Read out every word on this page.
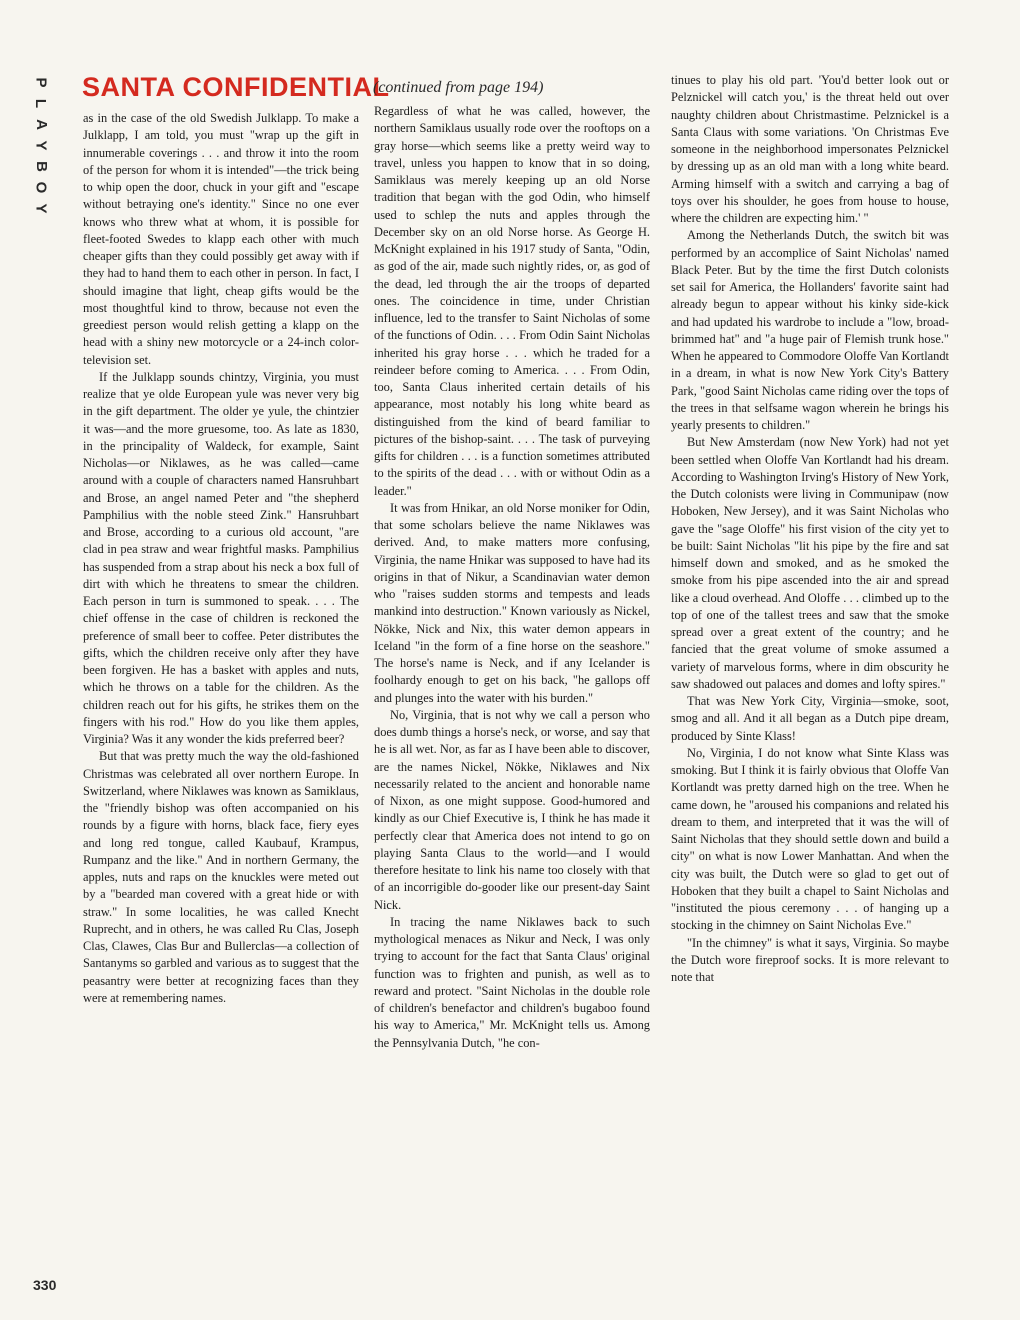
P
L
A
Y
B
O
Y
SANTA CONFIDENTIAL
(continued from page 194)

as in the case of the old Swedish Julklapp. To make a Julklapp, I am told, you must "wrap up the gift in innumerable coverings . . . and throw it into the room of the person for whom it is intended"—the trick being to whip open the door, chuck in your gift and "escape without betraying one's identity." Since no one ever knows who threw what at whom, it is possible for fleet-footed Swedes to klapp each other with much cheaper gifts than they could possibly get away with if they had to hand them to each other in person. In fact, I should imagine that light, cheap gifts would be the most thoughtful kind to throw, because not even the greediest person would relish getting a klapp on the head with a shiny new motorcycle or a 24-inch color-television set.

If the Julklapp sounds chintzy, Virginia, you must realize that ye olde European yule was never very big in the gift department. The older ye yule, the chintzier it was—and the more gruesome, too. As late as 1830, in the principality of Waldeck, for example, Saint Nicholas—or Niklawes, as he was called—came around with a couple of characters named Hansruhbart and Brose, an angel named Peter and "the shepherd Pamphilius with the noble steed Zink." Hansruhbart and Brose, according to a curious old account, "are clad in pea straw and wear frightful masks. Pamphilius has suspended from a strap about his neck a box full of dirt with which he threatens to smear the children. Each person in turn is summoned to speak. . . . The chief offense in the case of children is reckoned the preference of small beer to coffee. Peter distributes the gifts, which the children receive only after they have been forgiven. He has a basket with apples and nuts, which he throws on a table for the children. As the children reach out for his gifts, he strikes them on the fingers with his rod." How do you like them apples, Virginia? Was it any wonder the kids preferred beer?

But that was pretty much the way the old-fashioned Christmas was celebrated all over northern Europe. In Switzerland, where Niklawes was known as Samiklaus, the "friendly bishop was often accompanied on his rounds by a figure with horns, black face, fiery eyes and long red tongue, called Kaubauf, Krampus, Rumpanz and the like." And in northern Germany, the apples, nuts and raps on the knuckles were meted out by a "bearded man covered with a great hide or with straw." In some localities, he was called Knecht Ruprecht, and in others, he was called Ru Clas, Joseph Clas, Clawes, Clas Bur and Bullerclas—a collection of Santanyms so garbled and various as to suggest that the peasantry were better at recognizing faces than they were at remembering names.

Regardless of what he was called, however, the northern Samiklaus usually rode over the rooftops on a gray horse—which seems like a pretty weird way to travel, unless you happen to know that in so doing, Samiklaus was merely keeping up an old Norse tradition that began with the god Odin, who himself used to schlep the nuts and apples through the December sky on an old Norse horse. As George H. McKnight explained in his 1917 study of Santa, "Odin, as god of the air, made such nightly rides, or, as god of the dead, led through the air the troops of departed ones. The coincidence in time, under Christian influence, led to the transfer to Saint Nicholas of some of the functions of Odin. . . . From Odin Saint Nicholas inherited his gray horse . . . which he traded for a reindeer before coming to America. . . . From Odin, too, Santa Claus inherited certain details of his appearance, most notably his long white beard as distinguished from the kind of beard familiar to pictures of the bishop-saint. . . . The task of purveying gifts for children . . . is a function sometimes attributed to the spirits of the dead . . . with or without Odin as a leader."

It was from Hnikar, an old Norse moniker for Odin, that some scholars believe the name Niklawes was derived. And, to make matters more confusing, Virginia, the name Hnikar was supposed to have had its origins in that of Nikur, a Scandinavian water demon who "raises sudden storms and tempests and leads mankind into destruction." Known variously as Nickel, Nökke, Nick and Nix, this water demon appears in Iceland "in the form of a fine horse on the seashore." The horse's name is Neck, and if any Icelander is foolhardy enough to get on his back, "he gallops off and plunges into the water with his burden."

No, Virginia, that is not why we call a person who does dumb things a horse's neck, or worse, and say that he is all wet. Nor, as far as I have been able to discover, are the names Nickel, Nökke, Niklawes and Nix necessarily related to the ancient and honorable name of Nixon, as one might suppose. Good-humored and kindly as our Chief Executive is, I think he has made it perfectly clear that America does not intend to go on playing Santa Claus to the world—and I would therefore hesitate to link his name too closely with that of an incorrigible do-gooder like our present-day Saint Nick.

In tracing the name Niklawes back to such mythological menaces as Nikur and Neck, I was only trying to account for the fact that Santa Claus' original function was to frighten and punish, as well as to reward and protect. "Saint Nicholas in the double role of children's benefactor and children's bugaboo found his way to America," Mr. McKnight tells us. Among the Pennsylvania Dutch, "he con-

tinues to play his old part. 'You'd better look out or Pelznickel will catch you,' is the threat held out over naughty children about Christmastime. Pelznickel is a Santa Claus with some variations. 'On Christmas Eve someone in the neighborhood impersonates Pelznickel by dressing up as an old man with a long white beard. Arming himself with a switch and carrying a bag of toys over his shoulder, he goes from house to house, where the children are expecting him.' "

Among the Netherlands Dutch, the switch bit was performed by an accomplice of Saint Nicholas' named Black Peter. But by the time the first Dutch colonists set sail for America, the Hollanders' favorite saint had already begun to appear without his kinky side-kick and had updated his wardrobe to include a "low, broad-brimmed hat" and "a huge pair of Flemish trunk hose." When he appeared to Commodore Oloffe Van Kortlandt in a dream, in what is now New York City's Battery Park, "good Saint Nicholas came riding over the tops of the trees in that selfsame wagon wherein he brings his yearly presents to children."

But New Amsterdam (now New York) had not yet been settled when Oloffe Van Kortlandt had his dream. According to Washington Irving's History of New York, the Dutch colonists were living in Communipaw (now Hoboken, New Jersey), and it was Saint Nicholas who gave the "sage Oloffe" his first vision of the city yet to be built: Saint Nicholas "lit his pipe by the fire and sat himself down and smoked, and as he smoked the smoke from his pipe ascended into the air and spread like a cloud overhead. And Oloffe . . . climbed up to the top of one of the tallest trees and saw that the smoke spread over a great extent of the country; and he fancied that the great volume of smoke assumed a variety of marvelous forms, where in dim obscurity he saw shadowed out palaces and domes and lofty spires."

That was New York City, Virginia—smoke, soot, smog and all. And it all began as a Dutch pipe dream, produced by Sinte Klass!

No, Virginia, I do not know what Sinte Klass was smoking. But I think it is fairly obvious that Oloffe Van Kortlandt was pretty darned high on the tree. When he came down, he "aroused his companions and related his dream to them, and interpreted that it was the will of Saint Nicholas that they should settle down and build a city" on what is now Lower Manhattan. And when the city was built, the Dutch were so glad to get out of Hoboken that they built a chapel to Saint Nicholas and "instituted the pious ceremony . . . of hanging up a stocking in the chimney on Saint Nicholas Eve."

"In the chimney" is what it says, Virginia. So maybe the Dutch wore fireproof socks. It is more relevant to note that

330
